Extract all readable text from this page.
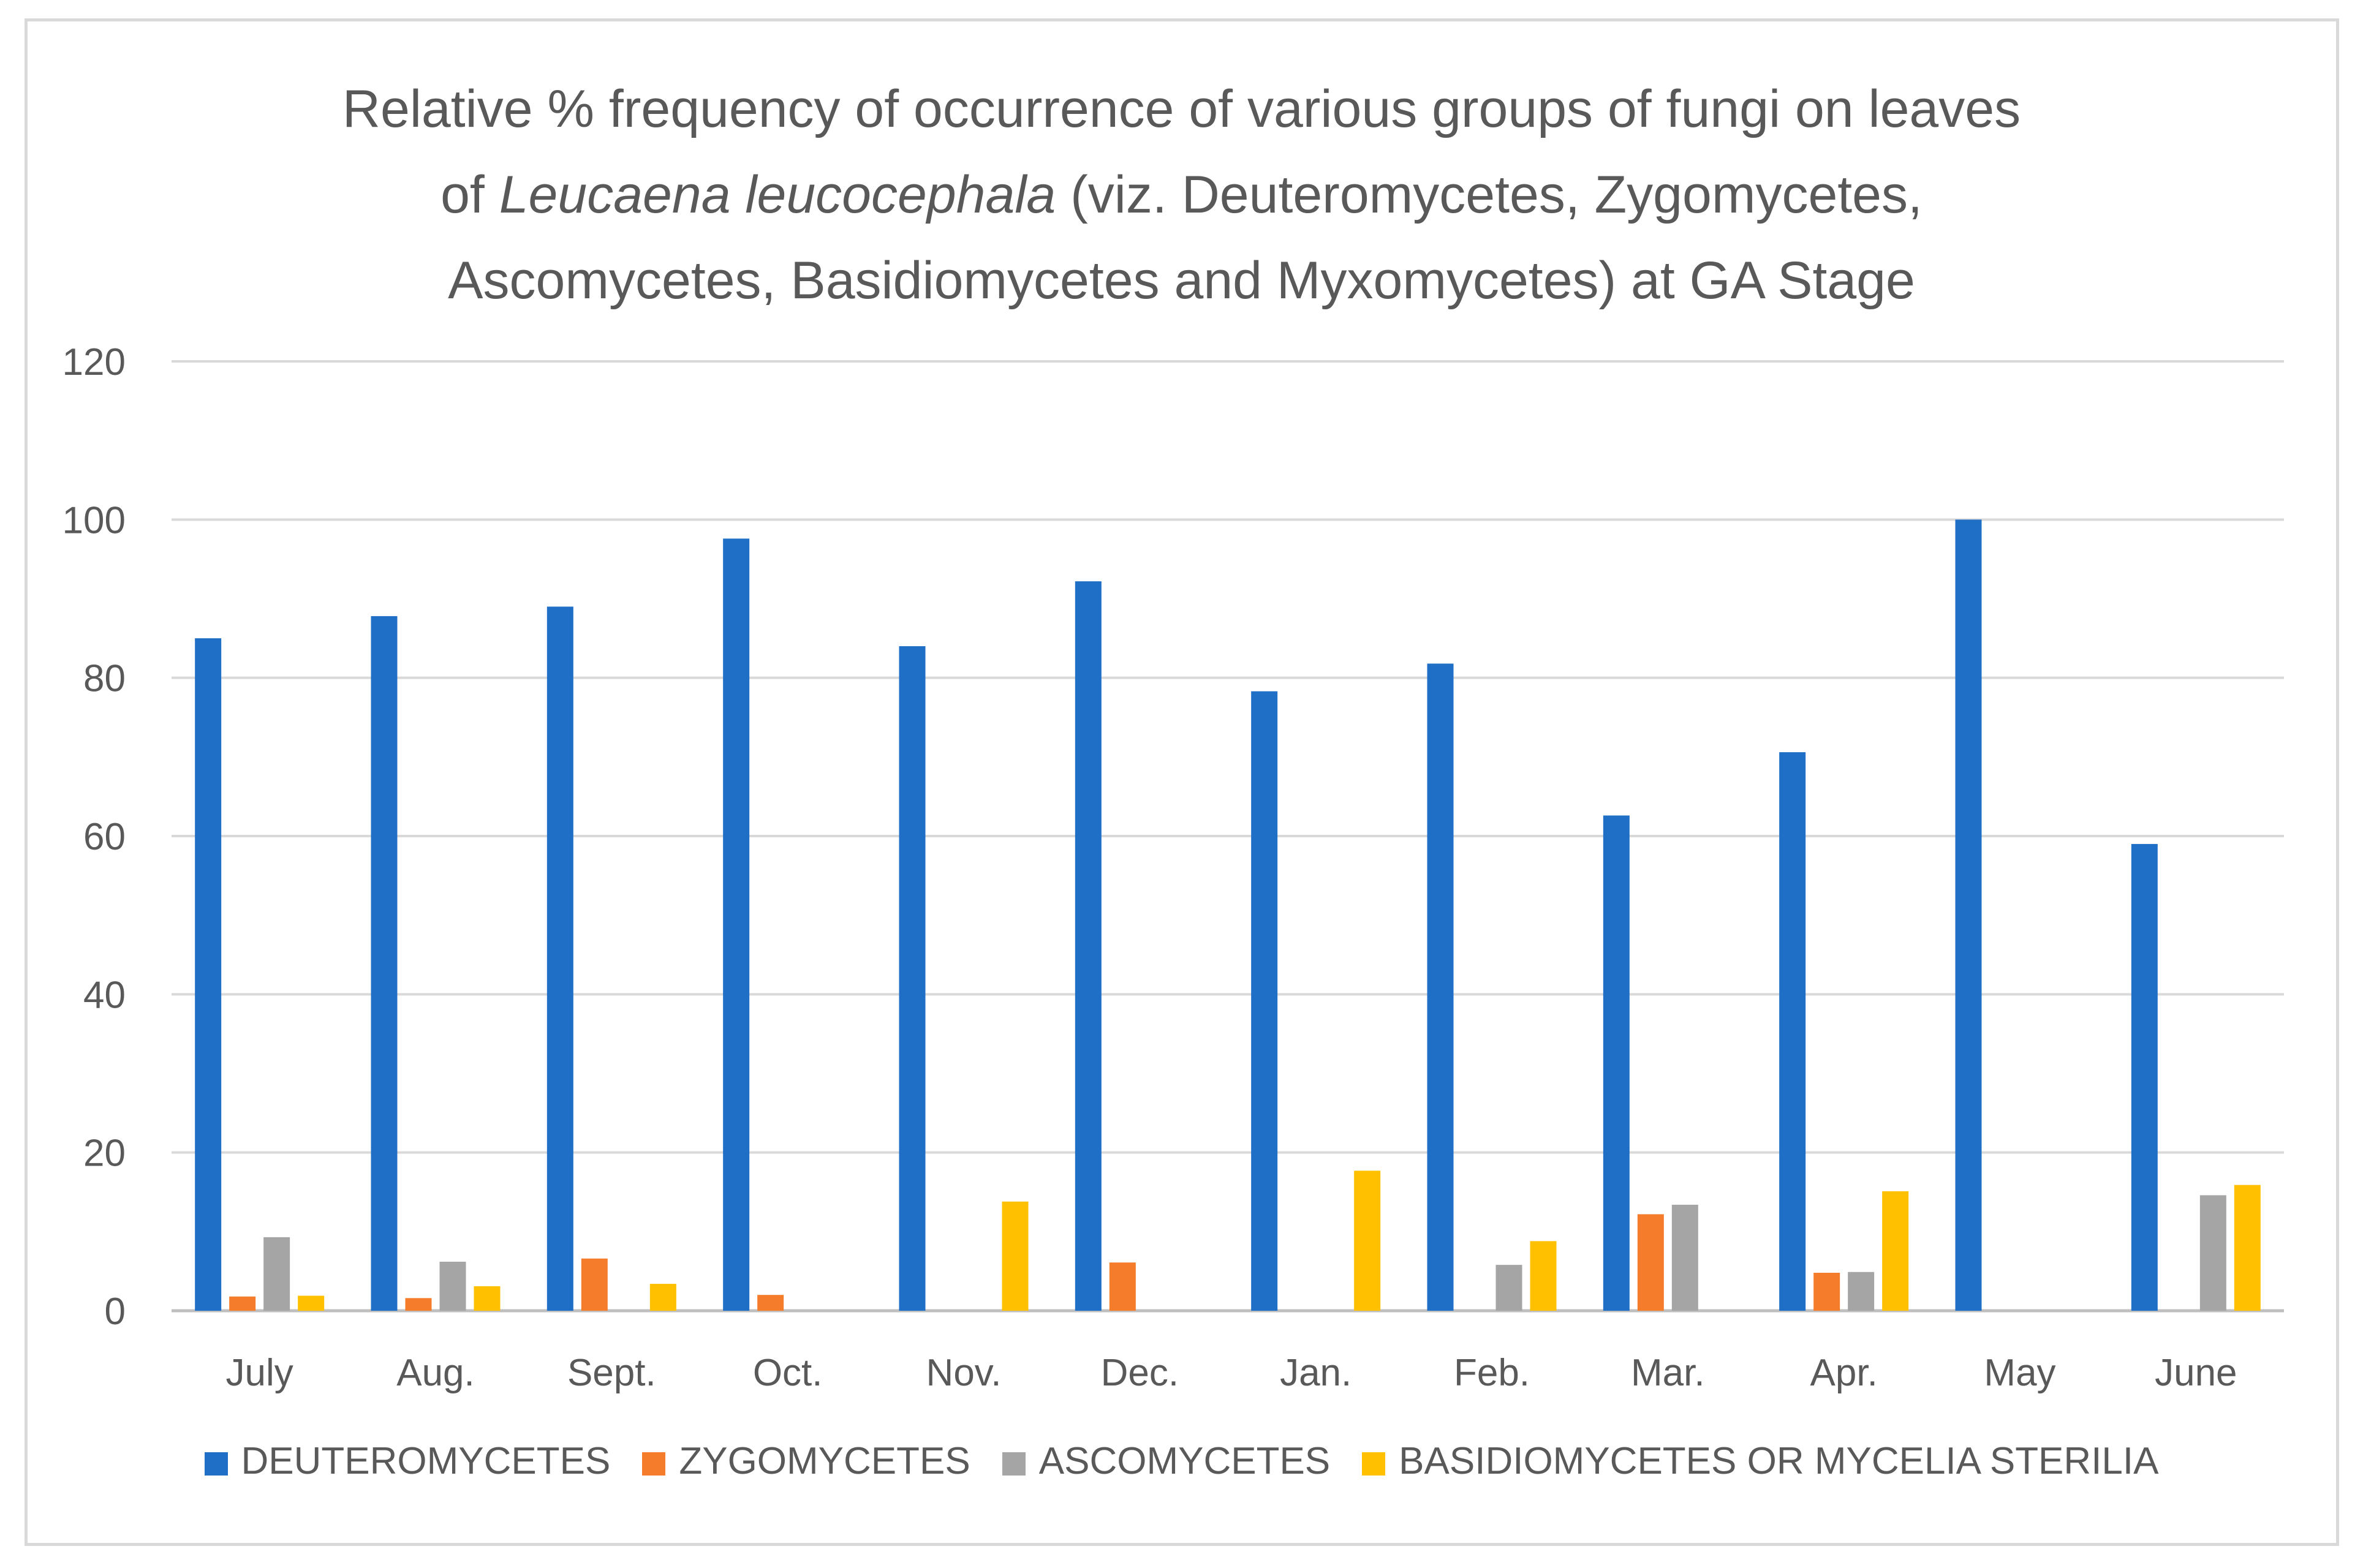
Relative % frequency of occurrence of various groups of fungi on leaves
of Leucaena leucocephala (viz. Deuteromycetes, Zygomycetes,
Ascomycetes, Basidiomycetes and Myxomycetes) at GA Stage
0
20
40
60
80
100
120
July	Aug. Sept.	Oct.	Nov.	Dec.	Jan.	Feb.	Mar.	Apr.	May	June
DEUTEROMYCETES ZYGOMYCETES ASCOMYCETES BASIDIOMYCETES OR MYCELIA STERILIA
